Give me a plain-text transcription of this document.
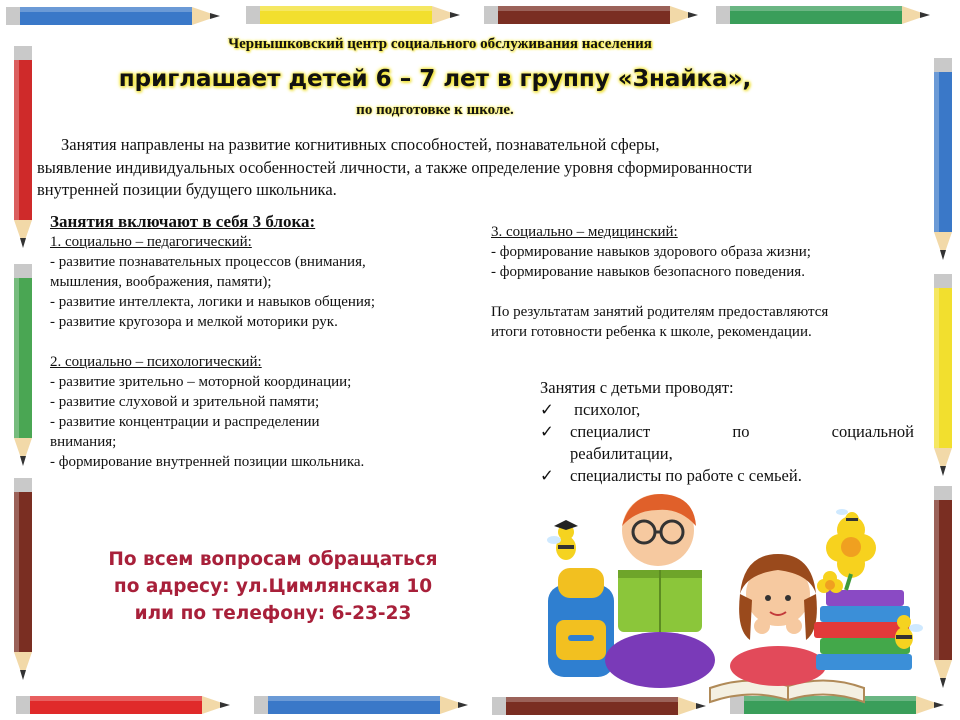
Чернышковский центр социального обслуживания населения
приглашает детей 6 – 7 лет в группу «Знайка»,
по подготовке к школе.
Занятия направлены на развитие когнитивных способностей, познавательной сферы,
выявление индивидуальных особенностей личности, а также определение уровня сформированности
внутренней позиции будущего школьника.
Занятия включают в себя 3 блока:
1. социально – педагогический:
- развитие познавательных процессов (внимания,
мышления, воображения, памяти);
- развитие интеллекта, логики и навыков общения;
- развитие кругозора и мелкой моторики рук.
2. социально – психологический:
- развитие зрительно – моторной координации;
- развитие слуховой и зрительной памяти;
- развитие концентрации и распределении
внимания;
- формирование внутренней позиции школьника.
3. социально – медицинский:
- формирование навыков здорового образа жизни;
- формирование навыков безопасного поведения.
По результатам занятий родителям предоставляются
итоги готовности ребенка к школе, рекомендации.
Занятия с детьми проводят:
✓ психолог,
✓ специалист	по	социальной
реабилитации,
✓ специалисты по работе с семьей.
По всем вопросам обращаться
по адресу: ул.Цимлянская 10
или по телефону: 6-23-23
